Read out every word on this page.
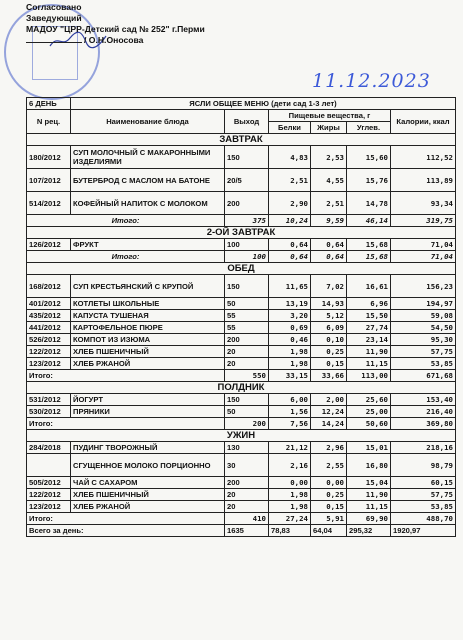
Согласовано
Заведующий
МАДОУ "ЦРР-Детский сад № 252" г.Перми
/ О.Н.Оносова
11.12.2023
6 ДЕНЬ	ЯСЛИ ОБЩЕЕ МЕНЮ (дети сад 1-3 лет)					
N рец.	Наименование блюда	Выход	Пищевые вещества, г			Калории, ккал
			Белки	Жиры	Углев.	
ЗАВТРАК						
180/2012	СУП МОЛОЧНЫЙ С МАКАРОННЫМИ ИЗДЕЛИЯМИ	150	4,83	2,53	15,60	112,52
107/2012	БУТЕРБРОД С МАСЛОМ НА БАТОНЕ	20/5	2,51	4,55	15,76	113,89
514/2012	КОФЕЙНЫЙ НАПИТОК С МОЛОКОМ	200	2,90	2,51	14,78	93,34
Итого:		375	10,24	9,59	46,14	319,75
2-ОЙ ЗАВТРАК						
126/2012	ФРУКТ	100	0,64	0,64	15,68	71,04
Итого:		100	0,64	0,64	15,68	71,04
ОБЕД						
168/2012	СУП КРЕСТЬЯНСКИЙ С КРУПОЙ	150	11,65	7,02	16,61	156,23
401/2012	КОТЛЕТЫ ШКОЛЬНЫЕ	50	13,19	14,93	6,96	194,97
435/2012	КАПУСТА ТУШЕНАЯ	55	3,20	5,12	15,50	59,08
441/2012	КАРТОФЕЛЬНОЕ ПЮРЕ	55	0,69	6,09	27,74	54,50
526/2012	КОМПОТ ИЗ ИЗЮМА	200	0,46	0,10	23,14	95,30
122/2012	ХЛЕБ ПШЕНИЧНЫЙ	20	1,98	0,25	11,90	57,75
123/2012	ХЛЕБ РЖАНОЙ	20	1,98	0,15	11,15	53,85
Итого:		550	33,15	33,66	113,00	671,68
ПОЛДНИК						
531/2012	ЙОГУРТ	150	6,00	2,00	25,60	153,40
530/2012	ПРЯНИКИ	50	1,56	12,24	25,00	216,40
Итого:		200	7,56	14,24	50,60	369,80
УЖИН						
284/2018	ПУДИНГ ТВОРОЖНЫЙ	130	21,12	2,96	15,01	218,16
	СГУЩЕННОЕ МОЛОКО ПОРЦИОННО	30	2,16	2,55	16,80	98,79
505/2012	ЧАЙ С САХАРОМ	200	0,00	0,00	15,04	60,15
122/2012	ХЛЕБ ПШЕНИЧНЫЙ	20	1,98	0,25	11,90	57,75
123/2012	ХЛЕБ РЖАНОЙ	20	1,98	0,15	11,15	53,85
Итого:		410	27,24	5,91	69,90	488,70
Всего за день:		1635	78,83	64,04	295,32	1920,97
